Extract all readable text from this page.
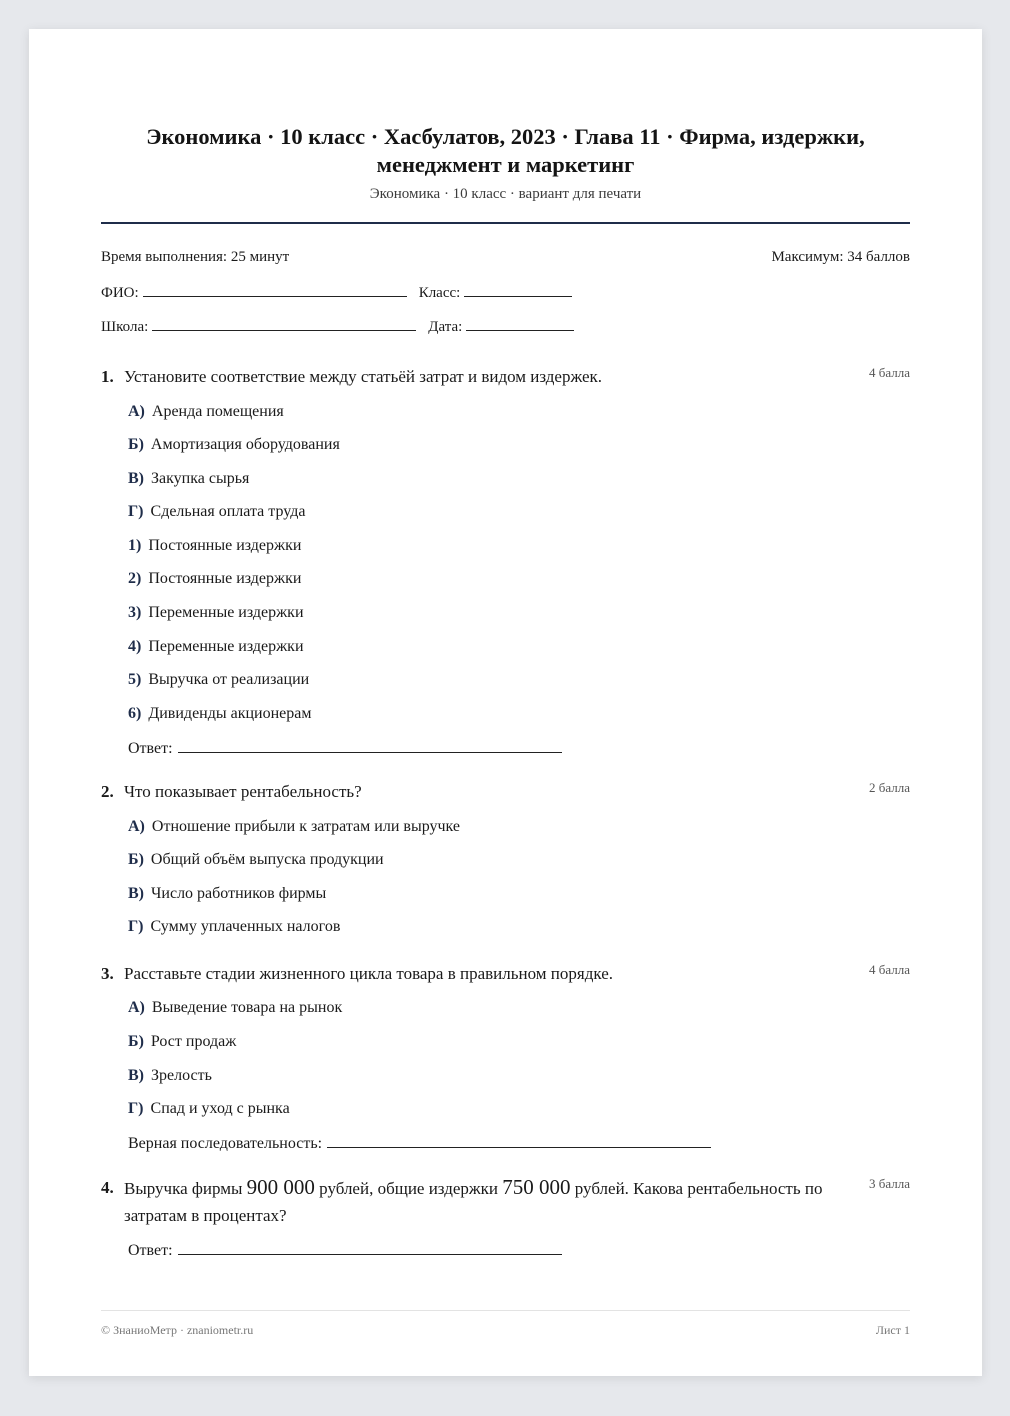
Экономика · 10 класс · Хасбулатов, 2023 · Глава 11 · Фирма, издержки, менеджмент и маркетинг
Экономика · 10 класс · вариант для печати
Время выполнения: 25 минут	Максимум: 34 баллов
ФИО:	Класс:
Школа:	Дата:
1. Установите соответствие между статьёй затрат и видом издержек.	4 балла
А) Аренда помещения
Б) Амортизация оборудования
В) Закупка сырья
Г) Сдельная оплата труда
1) Постоянные издержки
2) Постоянные издержки
3) Переменные издержки
4) Переменные издержки
5) Выручка от реализации
6) Дивиденды акционерам
Ответ:
2. Что показывает рентабельность?	2 балла
А) Отношение прибыли к затратам или выручке
Б) Общий объём выпуска продукции
В) Число работников фирмы
Г) Сумму уплаченных налогов
3. Расставьте стадии жизненного цикла товара в правильном порядке.	4 балла
А) Выведение товара на рынок
Б) Рост продаж
В) Зрелость
Г) Спад и уход с рынка
Верная последовательность:
4. Выручка фирмы 900 000 рублей, общие издержки 750 000 рублей. Какова рентабельность по затратам в процентах?
3 балла
Ответ:
© ЗнаниоМетр · znaniometr.ru	Лист 1
